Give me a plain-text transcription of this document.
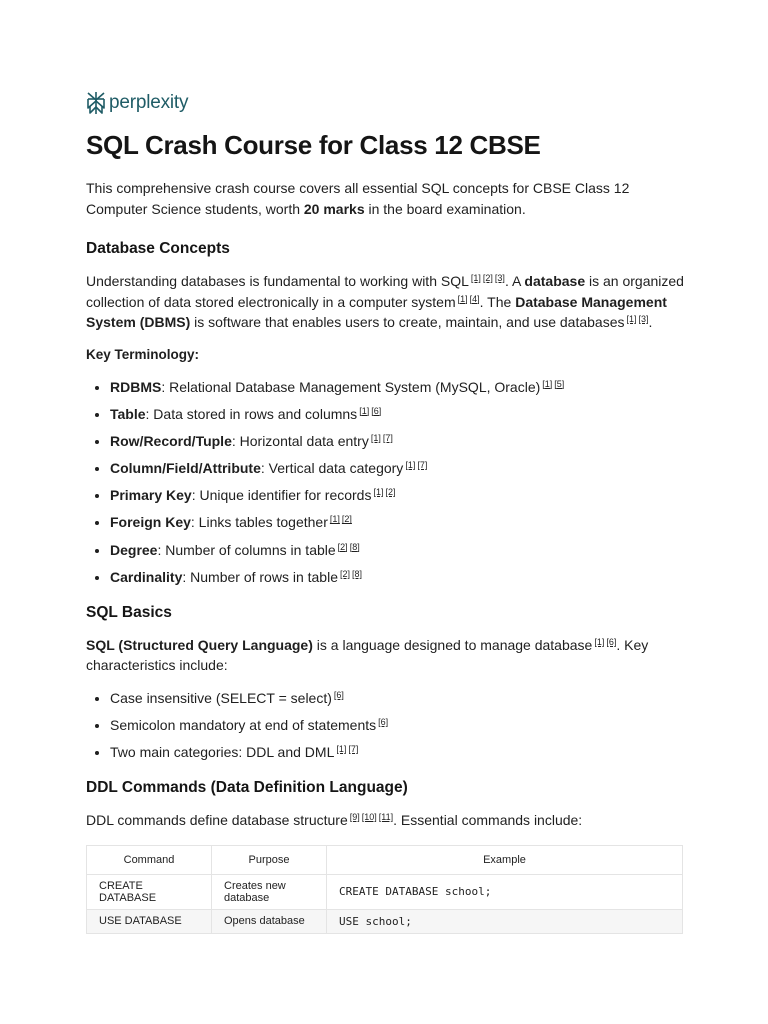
perplexity
SQL Crash Course for Class 12 CBSE

This comprehensive crash course covers all essential SQL concepts for CBSE Class 12 Computer Science students, worth 20 marks in the board examination.

Database Concepts

Understanding databases is fundamental to working with SQL [1] [2] [3]. A database is an organized collection of data stored electronically in a computer system [1] [4]. The Database Management System (DBMS) is software that enables users to create, maintain, and use databases [1] [3].

Key Terminology:
• RDBMS: Relational Database Management System (MySQL, Oracle) [1] [5]
• Table: Data stored in rows and columns [1] [6]
• Row/Record/Tuple: Horizontal data entry [1] [7]
• Column/Field/Attribute: Vertical data category [1] [7]
• Primary Key: Unique identifier for records [1] [2]
• Foreign Key: Links tables together [1] [2]
• Degree: Number of columns in table [2] [8]
• Cardinality: Number of rows in table [2] [8]
SQL Basics

SQL (Structured Query Language) is a language designed to manage database [1] [6]. Key characteristics include:

• Case insensitive (SELECT = select) [6]
• Semicolon mandatory at end of statements [6]
• Two main categories: DDL and DML [1] [7]
DDL Commands (Data Definition Language)

DDL commands define database structure [9] [10] [11]. Essential commands include:

Command	Purpose	Example
CREATE DATABASE	Creates new database	CREATE DATABASE school;
USE DATABASE	Opens database	USE school;
